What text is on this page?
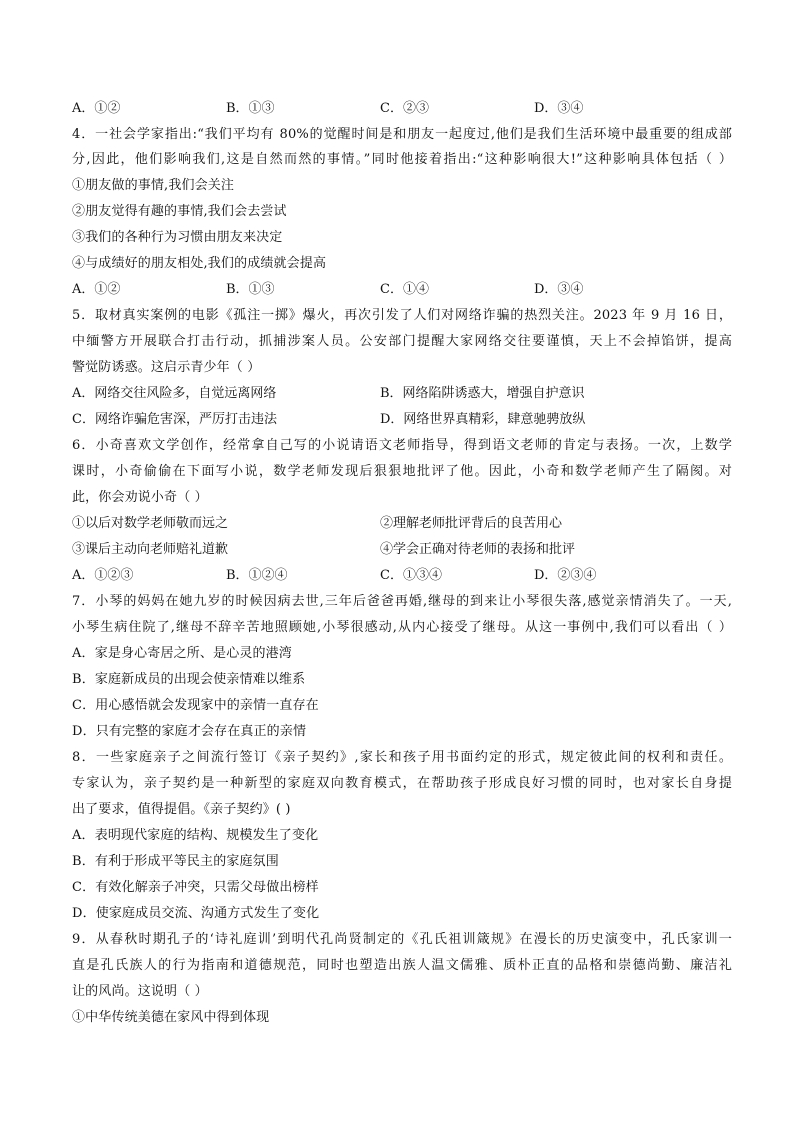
A．①②	B．①③	C．②③	D．③④
4．一社会学家指出:“我们平均有 80%的觉醒时间是和朋友一起度过,他们是我们生活环境中最重要的组成部
分,因此，他们影响我们,这是自然而然的事情。”同时他接着指出:“这种影响很大!”这种影响具体包括（ ）
①朋友做的事情,我们会关注
②朋友觉得有趣的事情,我们会去尝试
③我们的各种行为习惯由朋友来决定
④与成绩好的朋友相处,我们的成绩就会提高
A．①②	B．①③	C．①④	D．③④
5．取材真实案例的电影《孤注一掷》爆火，再次引发了人们对网络诈骗的热烈关注。2023 年 9 月 16 日，
中缅警方开展联合打击行动，抓捕涉案人员。公安部门提醒大家网络交往要谨慎，天上不会掉馅饼，提高
警觉防诱惑。这启示青少年（ ）
A．网络交往风险多，自觉远离网络	B．网络陷阱诱惑大，增强自护意识
C．网络诈骗危害深，严厉打击违法	D．网络世界真精彩，肆意驰骋放纵
6．小奇喜欢文学创作，经常拿自己写的小说请语文老师指导，得到语文老师的肯定与表扬。一次，上数学
课时，小奇偷偷在下面写小说，数学老师发现后狠狠地批评了他。因此，小奇和数学老师产生了隔阂。对
此，你会劝说小奇（ ）
①以后对数学老师敬而远之	②理解老师批评背后的良苦用心
③课后主动向老师赔礼道歉	④学会正确对待老师的表扬和批评
A．①②③	B．①②④	C．①③④	D．②③④
7．小琴的妈妈在她九岁的时候因病去世,三年后爸爸再婚,继母的到来让小琴很失落,感觉亲情消失了。一天,
小琴生病住院了,继母不辞辛苦地照顾她,小琴很感动,从内心接受了继母。从这一事例中,我们可以看出（ ）
A．家是身心寄居之所、是心灵的港湾
B．家庭新成员的出现会使亲情难以维系
C．用心感悟就会发现家中的亲情一直存在
D．只有完整的家庭才会存在真正的亲情
8．一些家庭亲子之间流行签订《亲子契约》,家长和孩子用书面约定的形式，规定彼此间的权利和责任。
专家认为，亲子契约是一种新型的家庭双向教育模式，在帮助孩子形成良好习惯的同时，也对家长自身提
出了要求，值得提倡。《亲子契约》( )
A．表明现代家庭的结构、规模发生了变化
B．有利于形成平等民主的家庭氛围
C．有效化解亲子冲突，只需父母做出榜样
D．使家庭成员交流、沟通方式发生了变化
9．从春秋时期孔子的‘诗礼庭训’到明代孔尚贤制定的《孔氏祖训箴规》在漫长的历史演变中，孔氏家训一
直是孔氏族人的行为指南和道德规范，同时也塑造出族人温文儒雅、质朴正直的品格和崇德尚勤、廉洁礼
让的风尚。这说明（ ）
①中华传统美德在家风中得到体现
